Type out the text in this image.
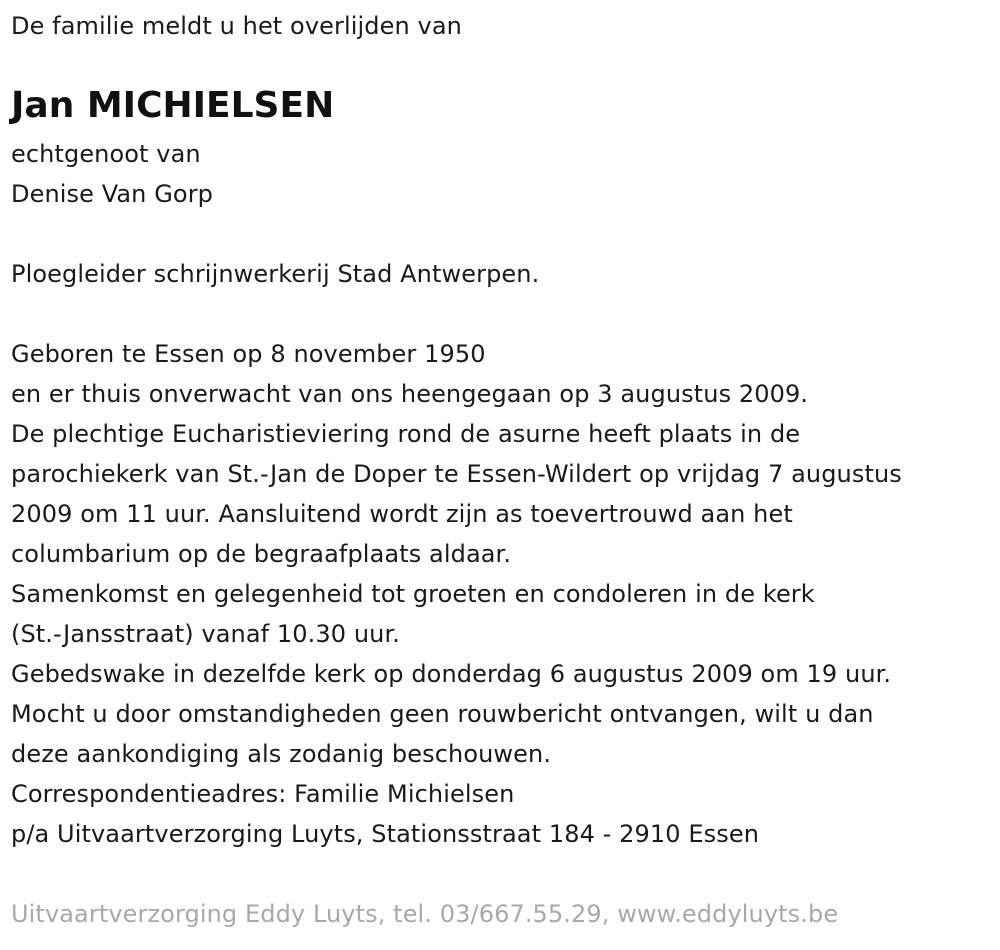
De familie meldt u het overlijden van
Jan MICHIELSEN
echtgenoot van
Denise Van Gorp
Ploegleider schrijnwerkerij Stad Antwerpen.
Geboren te Essen op 8 november 1950
en er thuis onverwacht van ons heengegaan op 3 augustus 2009.
De plechtige Eucharistieviering rond de asurne heeft plaats in de
parochiekerk van St.-Jan de Doper te Essen-Wildert op vrijdag 7 augustus
2009 om 11 uur. Aansluitend wordt zijn as toevertrouwd aan het
columbarium op de begraafplaats aldaar.
Samenkomst en gelegenheid tot groeten en condoleren in de kerk
(St.-Jansstraat) vanaf 10.30 uur.
Gebedswake in dezelfde kerk op donderdag 6 augustus 2009 om 19 uur.
Mocht u door omstandigheden geen rouwbericht ontvangen, wilt u dan
deze aankondiging als zodanig beschouwen.
Correspondentieadres: Familie Michielsen
p/a Uitvaartverzorging Luyts, Stationsstraat 184 - 2910 Essen
Uitvaartverzorging Eddy Luyts, tel. 03/667.55.29, www.eddyluyts.be
